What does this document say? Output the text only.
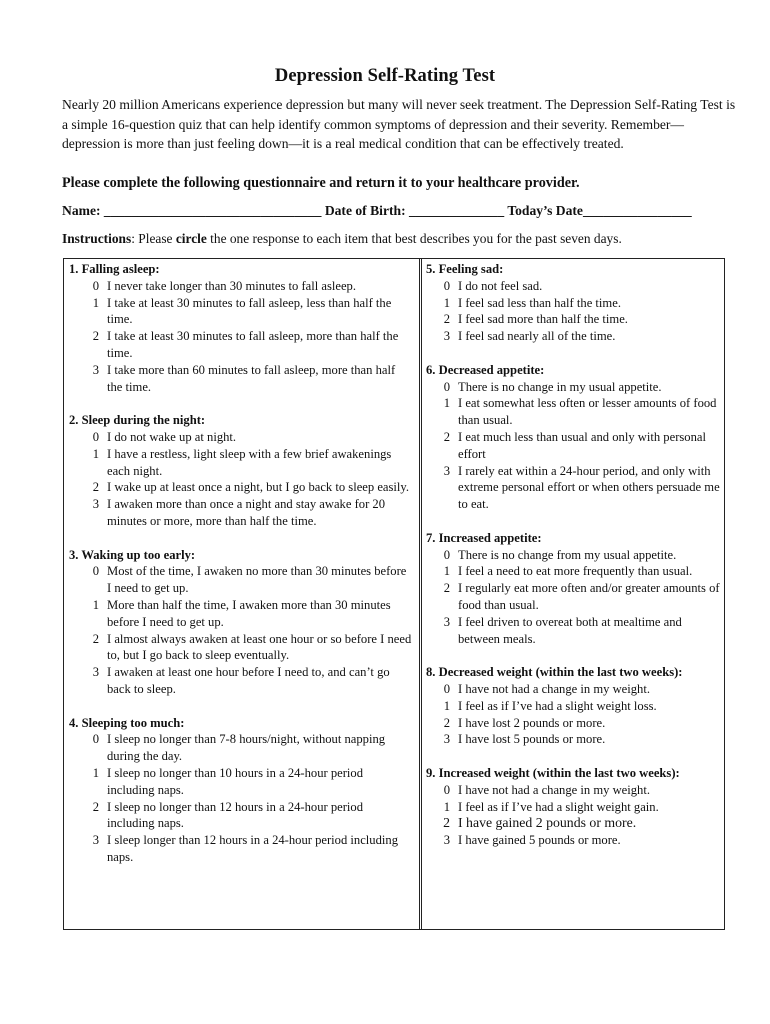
Depression Self-Rating Test
Nearly 20 million Americans experience depression but many will never seek treatment. The Depression Self-Rating Test is a simple 16-question quiz that can help identify common symptoms of depression and their severity. Remember—depression is more than just feeling down—it is a real medical condition that can be effectively treated.
Please complete the following questionnaire and return it to your healthcare provider.
Name: ________________________________ Date of Birth: ______________ Today’s Date________________
Instructions: Please circle the one response to each item that best describes you for the past seven days.
1. Falling asleep:
0 I never take longer than 30 minutes to fall asleep.
1 I take at least 30 minutes to fall asleep, less than half the time.
2 I take at least 30 minutes to fall asleep, more than half the time.
3 I take more than 60 minutes to fall asleep, more than half the time.
2. Sleep during the night:
0 I do not wake up at night.
1 I have a restless, light sleep with a few brief awakenings each night.
2 I wake up at least once a night, but I go back to sleep easily.
3 I awaken more than once a night and stay awake for 20 minutes or more, more than half the time.
3. Waking up too early:
0 Most of the time, I awaken no more than 30 minutes before I need to get up.
1 More than half the time, I awaken more than 30 minutes before I need to get up.
2 I almost always awaken at least one hour or so before I need to, but I go back to sleep eventually.
3 I awaken at least one hour before I need to, and can’t go back to sleep.
4. Sleeping too much:
0 I sleep no longer than 7-8 hours/night, without napping during the day.
1 I sleep no longer than 10 hours in a 24-hour period including naps.
2 I sleep no longer than 12 hours in a 24-hour period including naps.
3 I sleep longer than 12 hours in a 24-hour period including naps.
5. Feeling sad:
0 I do not feel sad.
1 I feel sad less than half the time.
2 I feel sad more than half the time.
3 I feel sad nearly all of the time.
6. Decreased appetite:
0 There is no change in my usual appetite.
1 I eat somewhat less often or lesser amounts of food than usual.
2 I eat much less than usual and only with personal effort
3 I rarely eat within a 24-hour period, and only with extreme personal effort or when others persuade me to eat.
7. Increased appetite:
0 There is no change from my usual appetite.
1 I feel a need to eat more frequently than usual.
2 I regularly eat more often and/or greater amounts of food than usual.
3 I feel driven to overeat both at mealtime and between meals.
8. Decreased weight (within the last two weeks):
0 I have not had a change in my weight.
1 I feel as if I’ve had a slight weight loss.
2 I have lost 2 pounds or more.
3 I have lost 5 pounds or more.
9. Increased weight (within the last two weeks):
0 I have not had a change in my weight.
1 I feel as if I’ve had a slight weight gain.
2 I have gained 2 pounds or more.
3 I have gained 5 pounds or more.
